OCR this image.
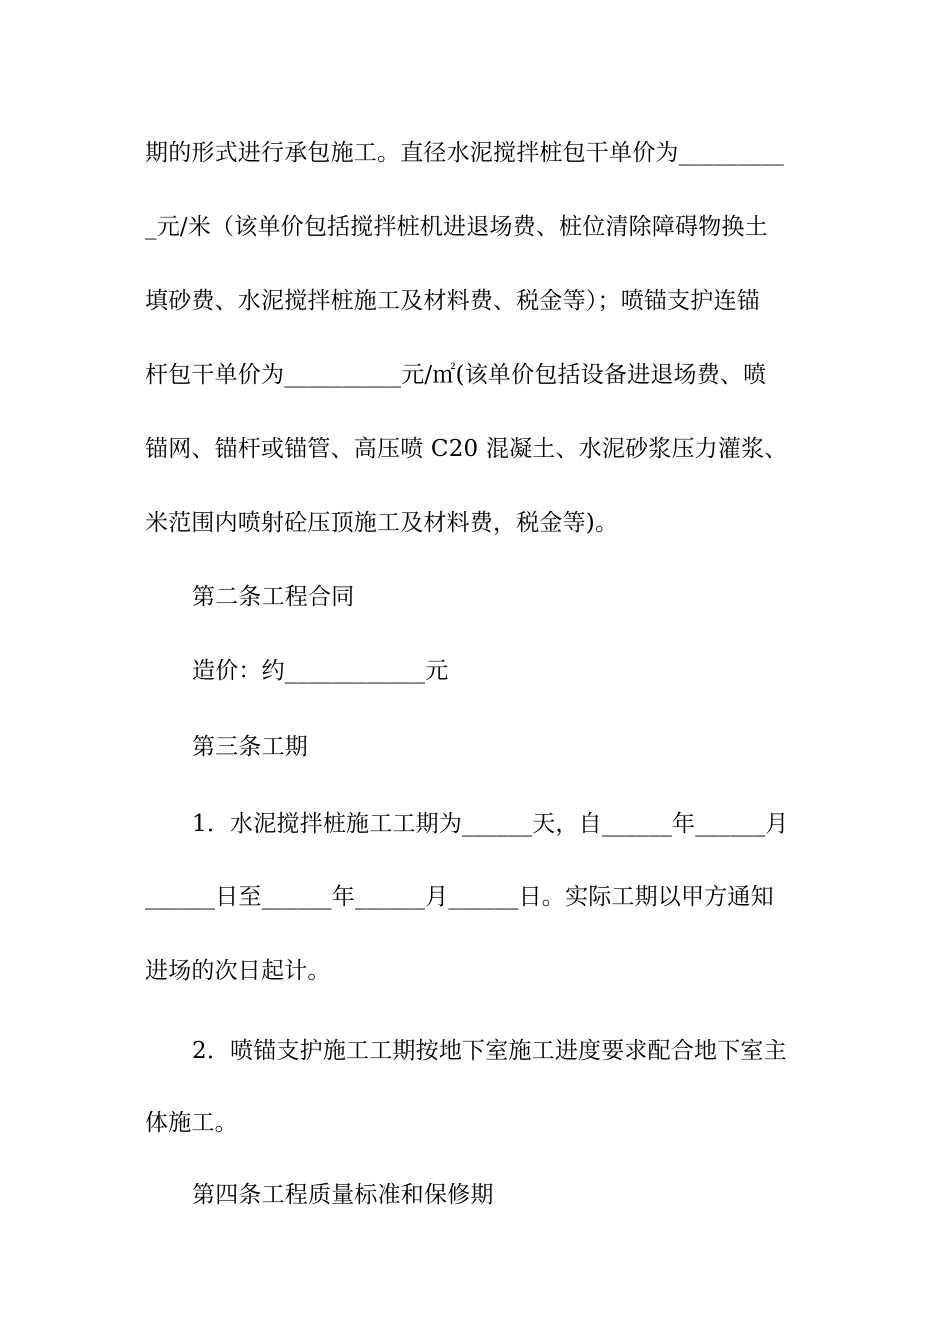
期的形式进行承包施工。直径水泥搅拌桩包干单价为_________
_元/米（该单价包括搅拌桩机进退场费、桩位清除障碍物换土
填砂费、水泥搅拌桩施工及材料费、税金等）；喷锚支护连锚
杆包干单价为__________元/㎡(该单价包括设备进退场费、喷
锚网、锚杆或锚管、高压喷 C20 混凝土、水泥砂浆压力灌浆、
米范围内喷射砼压顶施工及材料费，税金等)。
第二条工程合同
造价：约____________元
第三条工期
1．水泥搅拌桩施工工期为______天，自______年______月
______日至______年______月______日。实际工期以甲方通知
进场的次日起计。
2．喷锚支护施工工期按地下室施工进度要求配合地下室主
体施工。
第四条工程质量标准和保修期
